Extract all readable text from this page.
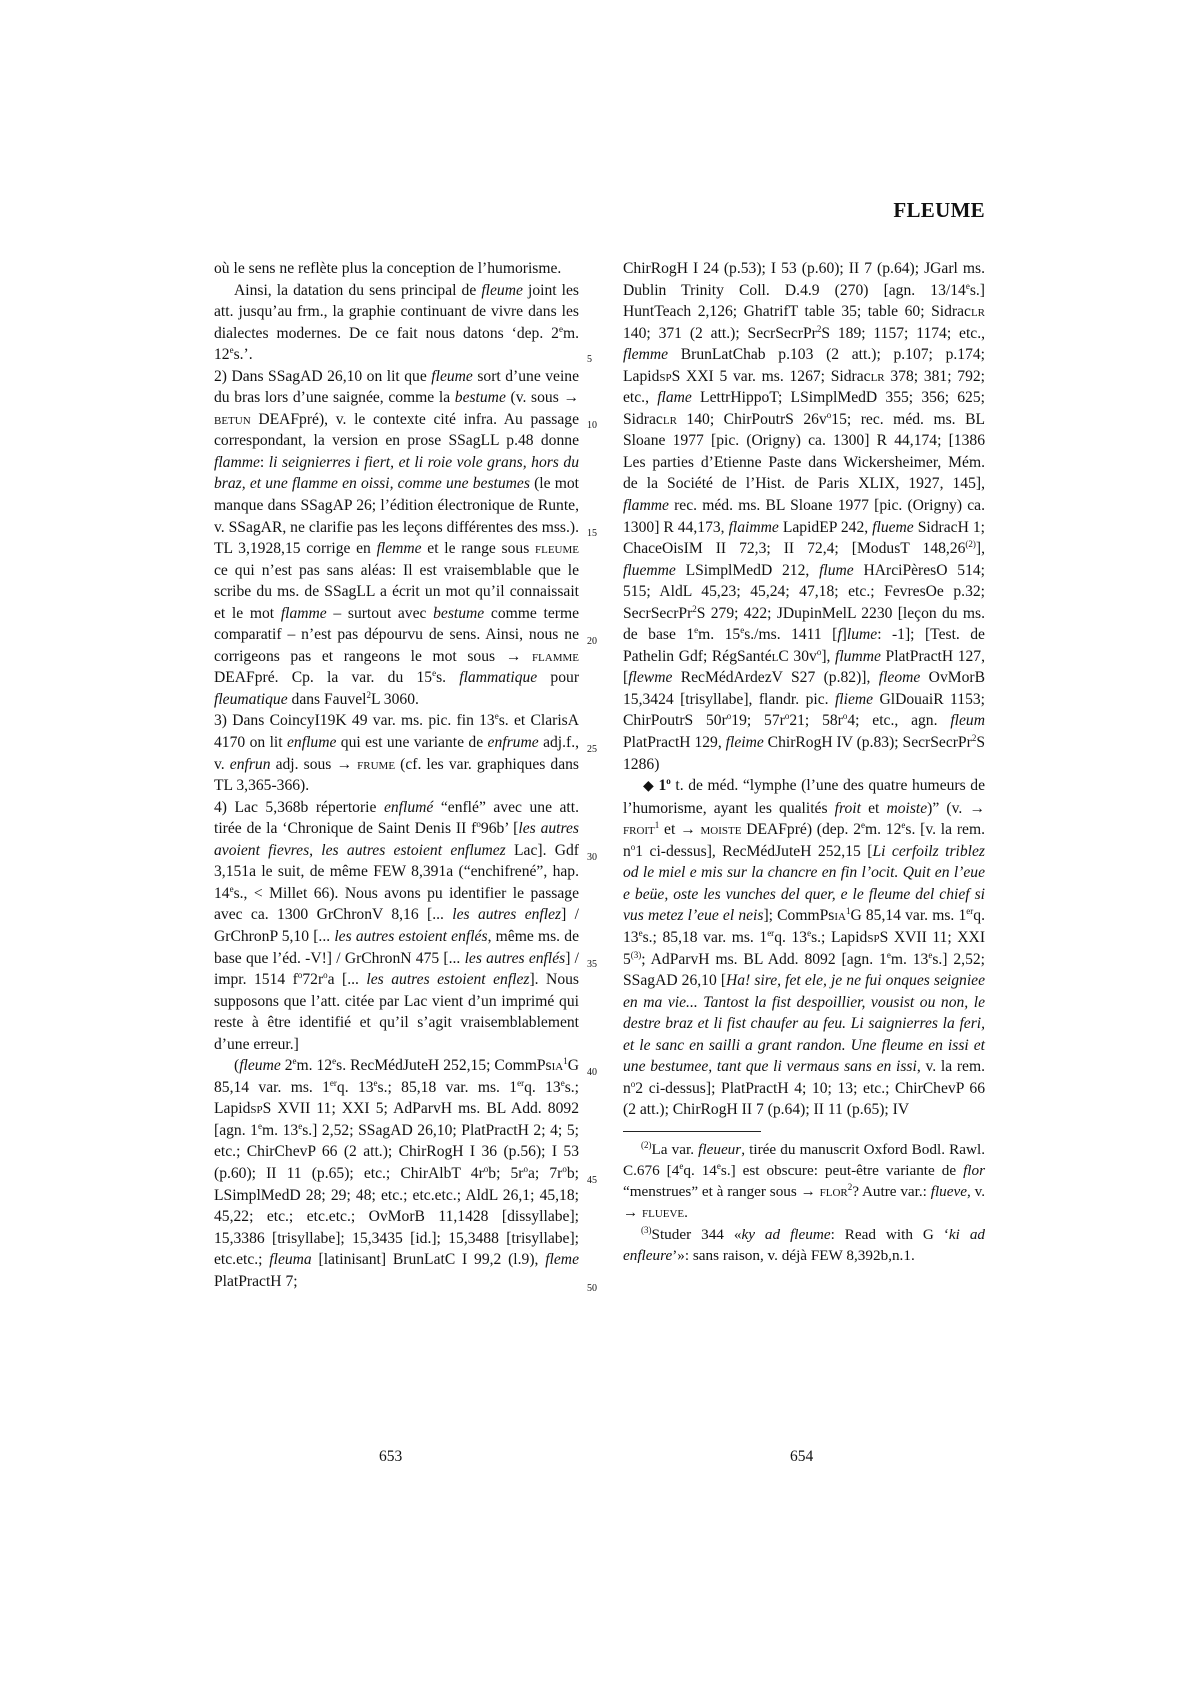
FLEUME

où le sens ne reflète plus la conception de l’humorisme.

Ainsi, la datation du sens principal de fleume joint les att. jusqu’au frm., la graphie continuant de vivre dans les dialectes modernes. De ce fait nous datons ‘dep. 2em. 12es.’.

2) Dans SSagAD 26,10 on lit que fleume sort d’une veine du bras lors d’une saignée, comme la bestume (v. sous → betun DEAFpré), v. le contexte cité infra. Au passage correspondant, la version en prose SSagLL p.48 donne flamme: li seignierres i fiert, et li roie vole grans, hors du braz, et une flamme en oissi, comme une bestumes (le mot manque dans SSagAP 26; l’édition électronique de Runte, v. SSagAR, ne clarifie pas les leçons différentes des mss.). TL 3,1928,15 corrige en flemme et le range sous fleume ce qui n’est pas sans aléas: Il est vraisemblable que le scribe du ms. de SSagLL a écrit un mot qu’il connaissait et le mot flamme – surtout avec bestume comme terme comparatif – n’est pas dépourvu de sens. Ainsi, nous ne corrigeons pas et rangeons le mot sous → flamme DEAFpré. Cp. la var. du 15es. flammatique pour fleumatique dans Fauvel$^2$L 3060.

3) Dans CoincyI19K 49 var. ms. pic. fin 13es. et ClarisA 4170 on lit enflume qui est une variante de enfrume adj.f., v. enfrun adj. sous → frume (cf. les var. graphiques dans TL 3,365-366).

4) Lac 5,368b répertorie enflumé “enflé” avec une att. tirée de la ‘Chronique de Saint Denis II $f^o96b$’ [les autres avoient fievres, les autres estoient enflumez Lac]. Gdf 3,151a le suit, de même FEW 8,391a (“enchifrené”, hap. $14^es$., < Millet 66). Nous avons pu identifier le passage avec ca. 1300 GrChronV 8,16 [... les autres enflez] / GrChronP 5,10 [... les autres estoient enflés, même ms. de base que l’éd. -V!] / GrChronN 475 [... les autres enflés] / impr. 1514 $f^o72r^oa$ [... les autres estoient enflez]. Nous supposons que l’att. citée par Lac vient d’un imprimé qui reste à être identifié et qu’il s’agit vraisemblablement d’une erreur.]

(fleume 2em. 12es. RecMédJuteH 252,15; CommPsia$^1$G 85,14 var. ms. 1erq. 13es.; 85,18 var. ms. 1erq. 13es.; LapidspS XVII 11; XXI 5; AdParvH ms. BL Add. 8092 [agn. 1em. 13es.] 2,52; SSagAD 26,10; PlatPractH 2; 4; 5; etc.; ChirChevP 66 (2 att.); ChirRogH I 36 (p.56); I 53 (p.60); II 11 (p.65); etc.; ChirAlbT $4r^ob$; $5r^oa$; $7r^ob$; LSimplMedD 28; 29; 48; etc.; etc.etc.; AldL 26,1; 45,18; 45,22; etc.; etc.etc.; OvMorB 11,1428 [dissyllabe]; 15,3386 [trisyllabe]; 15,3435 [id.]; 15,3488 [trisyllabe]; etc.etc.; fleuma [latinisant] BrunLatC I 99,2 (l.9), fleme PlatPractH 7;

5
10
15
20
25
30
35
40
45
50

ChirRogH I 24 (p.53); I 53 (p.60); II 7 (p.64); JGarl ms. Dublin Trinity Coll. D.4.9 (270) [agn. 13/14es.] HuntTeach 2,126; GhatrifT table 35; table 60; Sidraclr 140; 371 (2 att.); SecrSecrPr$^2$S 189; 1157; 1174; etc., flemme BrunLatChab p.103 (2 att.); p.107; p.174; LapidspS XXI 5 var. ms. 1267; Sidraclr 378; 381; 792; etc., flame LettrHippoT; LSimplMedD 355; 356; 625; Sidraclr 140; ChirPoutrS $26v^o15$; rec. méd. ms. BL Sloane 1977 [pic. (Origny) ca. 1300] R 44,174; [1386 Les parties d’Etienne Paste dans Wickersheimer, Mém. de la Société de l’Hist. de Paris XLIX, 1927, 145], flamme rec. méd. ms. BL Sloane 1977 [pic. (Origny) ca. 1300] R 44,173, flaimme LapidEP 242, flueme SidracH 1; ChaceOisIM II 72,3; II 72,4; [ModusT 148,26$^{(2)}$], fluemme LSimplMedD 212, flume HArciPèresO 514; 515; AldL 45,23; 45,24; 47,18; etc.; FevresOe p.32; SecrSecrPr$^2$S 279; 422; JDupinMelL 2230 [leçon du ms. de base 1em. 15es./ms. 1411 [f]lume: -1]; [Test. de Pathelin Gdf; RégSantélC $30v^o$], flumme PlatPractH 127, [flewme RecMédArdezV S27 (p.82)], fleome OvMorB 15,3424 [trisyllabe], flandr. pic. flieme GlDouaiR 1153; ChirPoutrS $50r^o19$; $57r^o21$; $58r^o4$; etc., agn. fleum PlatPractH 129, fleime ChirRogH IV (p.83); SecrSecrPr$^2$S 1286)

◆ 1$^o$ t. de méd. “lymphe (l’une des quatre humeurs de l’humorisme, ayant les qualités froit et moiste)” (v. → froit$^1$ et → moiste DEAFpré) (dep. 2em. 12es. [v. la rem. $n^o1$ ci-dessus], RecMédJuteH 252,15 [Li cerfoilz triblez od le miel e mis sur la chancre en fin l’ocit. Quit en l’eue e beüe, oste les vunches del quer, e le fleume del chief si vus metez l’eue el neis]; CommPsia$^1$G 85,14 var. ms. 1erq. 13es.; 85,18 var. ms. 1erq. 13es.; LapidspS XVII 11; XXI 5$^{(3)}$; AdParvH ms. BL Add. 8092 [agn. 1em. 13es.] 2,52; SSagAD 26,10 [Ha! sire, fet ele, je ne fui onques seigniee en ma vie... Tantost la fist despoillier, vousist ou non, le destre braz et li fist chaufer au feu. Li saignierres la feri, et le sanc en sailli a grant randon. Une fleume en issi et une bestumee, tant que li vermaus sans en issi, v. la rem. $n^o2$ ci-dessus]; PlatPractH 4; 10; 13; etc.; ChirChevP 66 (2 att.); ChirRogH II 7 (p.64); II 11 (p.65); IV

$^{(2)}$La var. fleueur, tirée du manuscrit Oxford Bodl. Rawl. C.676 [4eq. 14es.] est obscure: peut-être variante de flor “menstrues” et à ranger sous → flor$^2$? Autre var.: flueve, v. → flueve.

$^{(3)}$Studer 344 «ky ad fleume: Read with G ‘ki ad enfleure’»: sans raison, v. déjà FEW 8,392b,n.1.

653	654
